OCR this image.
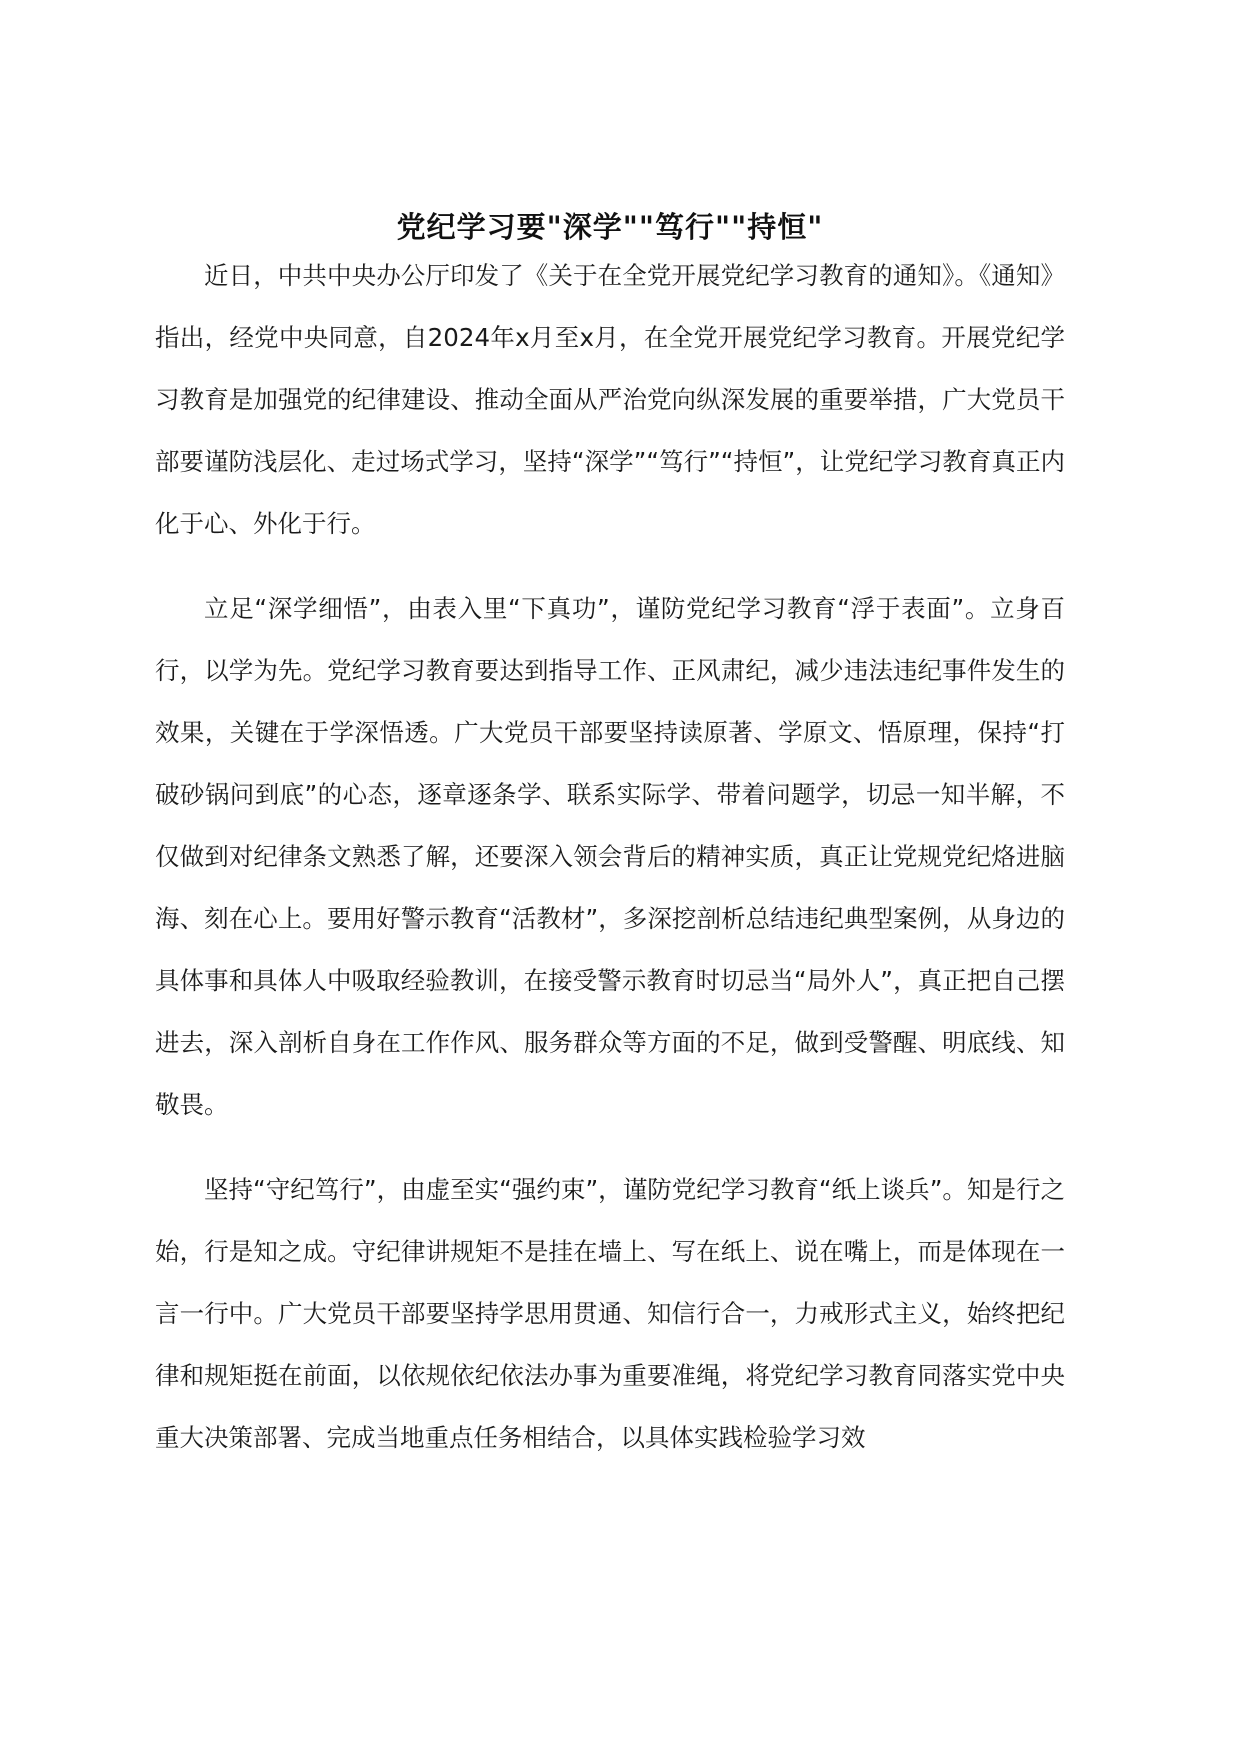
党纪学习要"深学""笃行""持恒"

近日，中共中央办公厅印发了《关于在全党开展党纪学习教育的通知》。《通知》指出，经党中央同意，自2024年x月至x月，在全党开展党纪学习教育。开展党纪学习教育是加强党的纪律建设、推动全面从严治党向纵深发展的重要举措，广大党员干部要谨防浅层化、走过场式学习，坚持“深学”“笃行”“持恒”，让党纪学习教育真正内化于心、外化于行。

立足“深学细悟”，由表入里“下真功”，谨防党纪学习教育“浮于表面”。立身百行，以学为先。党纪学习教育要达到指导工作、正风肃纪，减少违法违纪事件发生的效果，关键在于学深悟透。广大党员干部要坚持读原著、学原文、悟原理，保持“打破砂锅问到底”的心态，逐章逐条学、联系实际学、带着问题学，切忌一知半解，不仅做到对纪律条文熟悉了解，还要深入领会背后的精神实质，真正让党规党纪烙进脑海、刻在心上。要用好警示教育“活教材”，多深挖剖析总结违纪典型案例，从身边的具体事和具体人中吸取经验教训，在接受警示教育时切忌当“局外人”，真正把自己摆进去，深入剖析自身在工作作风、服务群众等方面的不足，做到受警醒、明底线、知敬畏。

坚持“守纪笃行”，由虚至实“强约束”，谨防党纪学习教育“纸上谈兵”。知是行之始，行是知之成。守纪律讲规矩不是挂在墙上、写在纸上、说在嘴上，而是体现在一言一行中。广大党员干部要坚持学思用贯通、知信行合一，力戒形式主义，始终把纪律和规矩挺在前面，以依规依纪依法办事为重要准绳，将党纪学习教育同落实党中央重大决策部署、完成当地重点任务相结合，以具体实践检验学习效
